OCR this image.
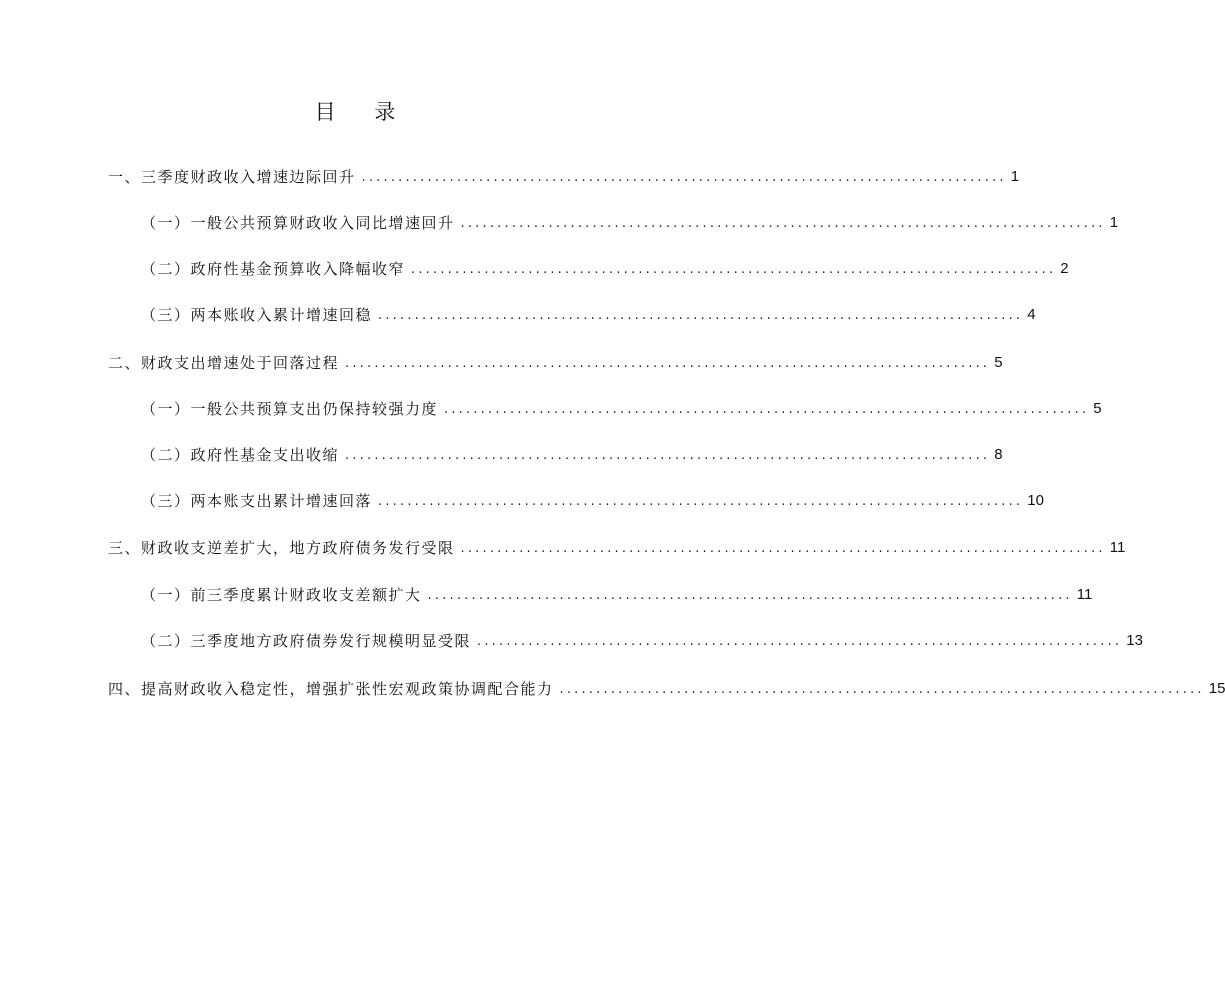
目 录
一、三季度财政收入增速边际回升 ........................................................................................ 1
（一）一般公共预算财政收入同比增速回升 ........................................................................................ 1
（二）政府性基金预算收入降幅收窄 ........................................................................................ 2
（三）两本账收入累计增速回稳 ........................................................................................ 4
二、财政支出增速处于回落过程 ........................................................................................ 5
（一）一般公共预算支出仍保持较强力度 ........................................................................................ 5
（二）政府性基金支出收缩 ........................................................................................ 8
（三）两本账支出累计增速回落 ........................................................................................ 10
三、财政收支逆差扩大，地方政府债务发行受限 ........................................................................................ 11
（一）前三季度累计财政收支差额扩大 ........................................................................................ 11
（二）三季度地方政府债券发行规模明显受限 ........................................................................................ 13
四、提高财政收入稳定性，增强扩张性宏观政策协调配合能力 ........................................................................................ 15
